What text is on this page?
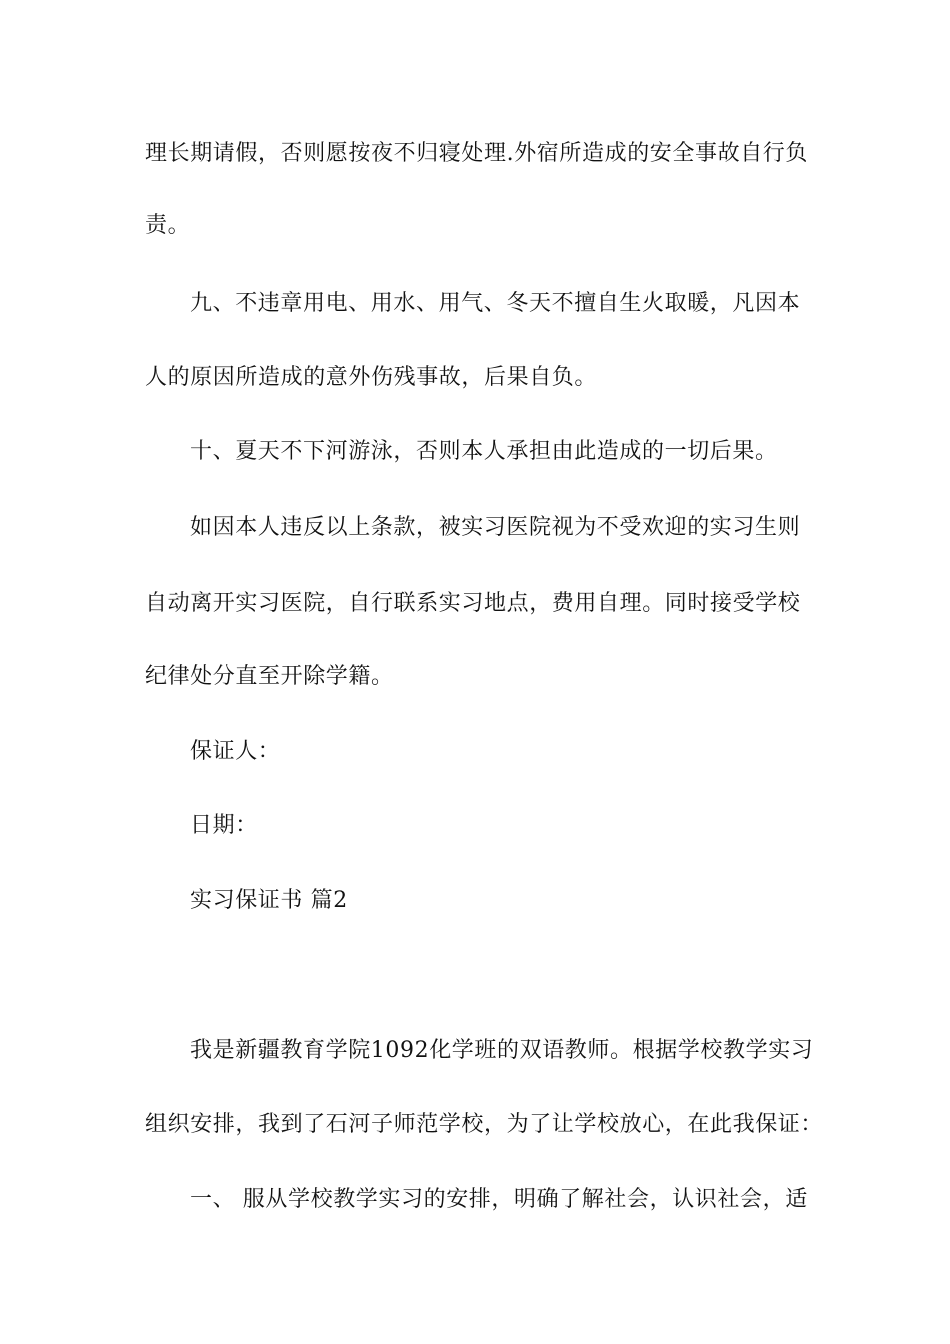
理长期请假，否则愿按夜不归寝处理.外宿所造成的安全事故自行负
责。
九、不违章用电、用水、用气、冬天不擅自生火取暖，凡因本
人的原因所造成的意外伤残事故，后果自负。
十、夏天不下河游泳，否则本人承担由此造成的一切后果。
如因本人违反以上条款，被实习医院视为不受欢迎的实习生则
自动离开实习医院，自行联系实习地点，费用自理。同时接受学校
纪律处分直至开除学籍。
保证人：
日期：
实习保证书 篇2
我是新疆教育学院1092化学班的双语教师。根据学校教学实习
组织安排，我到了石河子师范学校，为了让学校放心，在此我保证：
一、 服从学校教学实习的安排，明确了解社会，认识社会，适
